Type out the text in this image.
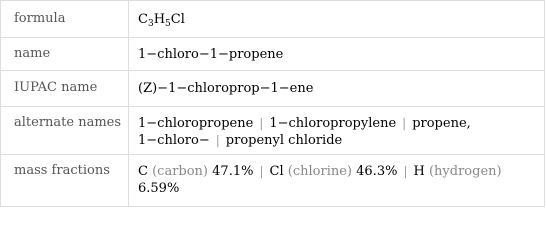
formula	$C_3H_5Cl$
name	1−chloro−1−propene
IUPAC name	(Z)−1−chloroprop−1−ene
alternate names	1−chloropropene | 1−chloropropylene | propene,
1−chloro− | propenyl chloride
mass fractions	C (carbon) 47.1% | Cl (chlorine) 46.3% | H (hydrogen)
6.59%
